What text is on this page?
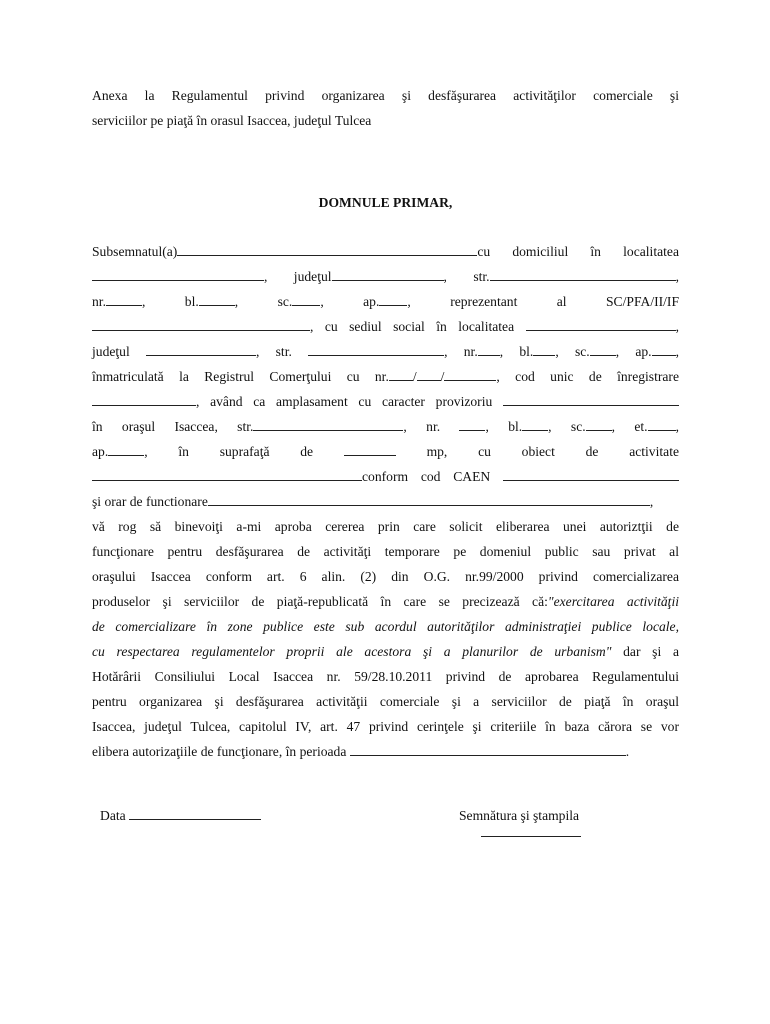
Anexa la Regulamentul privind organizarea şi desfăşurarea activităţilor comerciale şi
serviciilor pe piaţă în orasul Isaccea, judeţul Tulcea

DOMNULE PRIMAR,

Subsemnatul(a)	cu domiciliul în localitatea
, judeţul	, str.	,
nr.	,	bl.	,	sc. ,	ap. ,	reprezentant	al	SC/PFA/II/IF
, cu sediul social în localitatea	,
judeţul	, str.	, nr. , bl. , sc. , ap. ,
înmatriculată la Registrul Comerţului cu nr. / /	, cod unic de înregistrare
, având ca amplasament cu caracter provizoriu
în oraşul Isaccea, str.	, nr.	, bl. , sc. , et. ,
ap.	, în suprafaţă de	mp, cu obiect de activitate
conform cod CAEN
şi orar de functionare	,
vă rog să binevoiţi a-mi aproba cererea prin care solicit eliberarea unei autoriztţii de
funcţionare pentru desfăşurarea de activităţi temporare pe domeniul public sau privat al
oraşului Isaccea conform art. 6 alin. (2) din O.G. nr.99/2000 privind comercializarea
produselor şi serviciilor de piaţă-republicată în care se precizează că:"exercitarea activităţii
de comercializare în zone publice este sub acordul autorităţilor administraţiei publice locale,
cu respectarea regulamentelor proprii ale acestora şi a planurilor de urbanism" dar şi a
Hotărârii Consiliului Local Isaccea nr. 59/28.10.2011 privind de aprobarea Regulamentului
pentru organizarea şi desfăşurarea activităţii comerciale şi a serviciilor de piaţă în oraşul
Isaccea, judeţul Tulcea, capitolul IV, art. 47 privind cerinţele şi criteriile în baza cărora se vor
elibera autorizaţiile de funcţionare, în perioada	.
Data	Semnătura şi ştampila
